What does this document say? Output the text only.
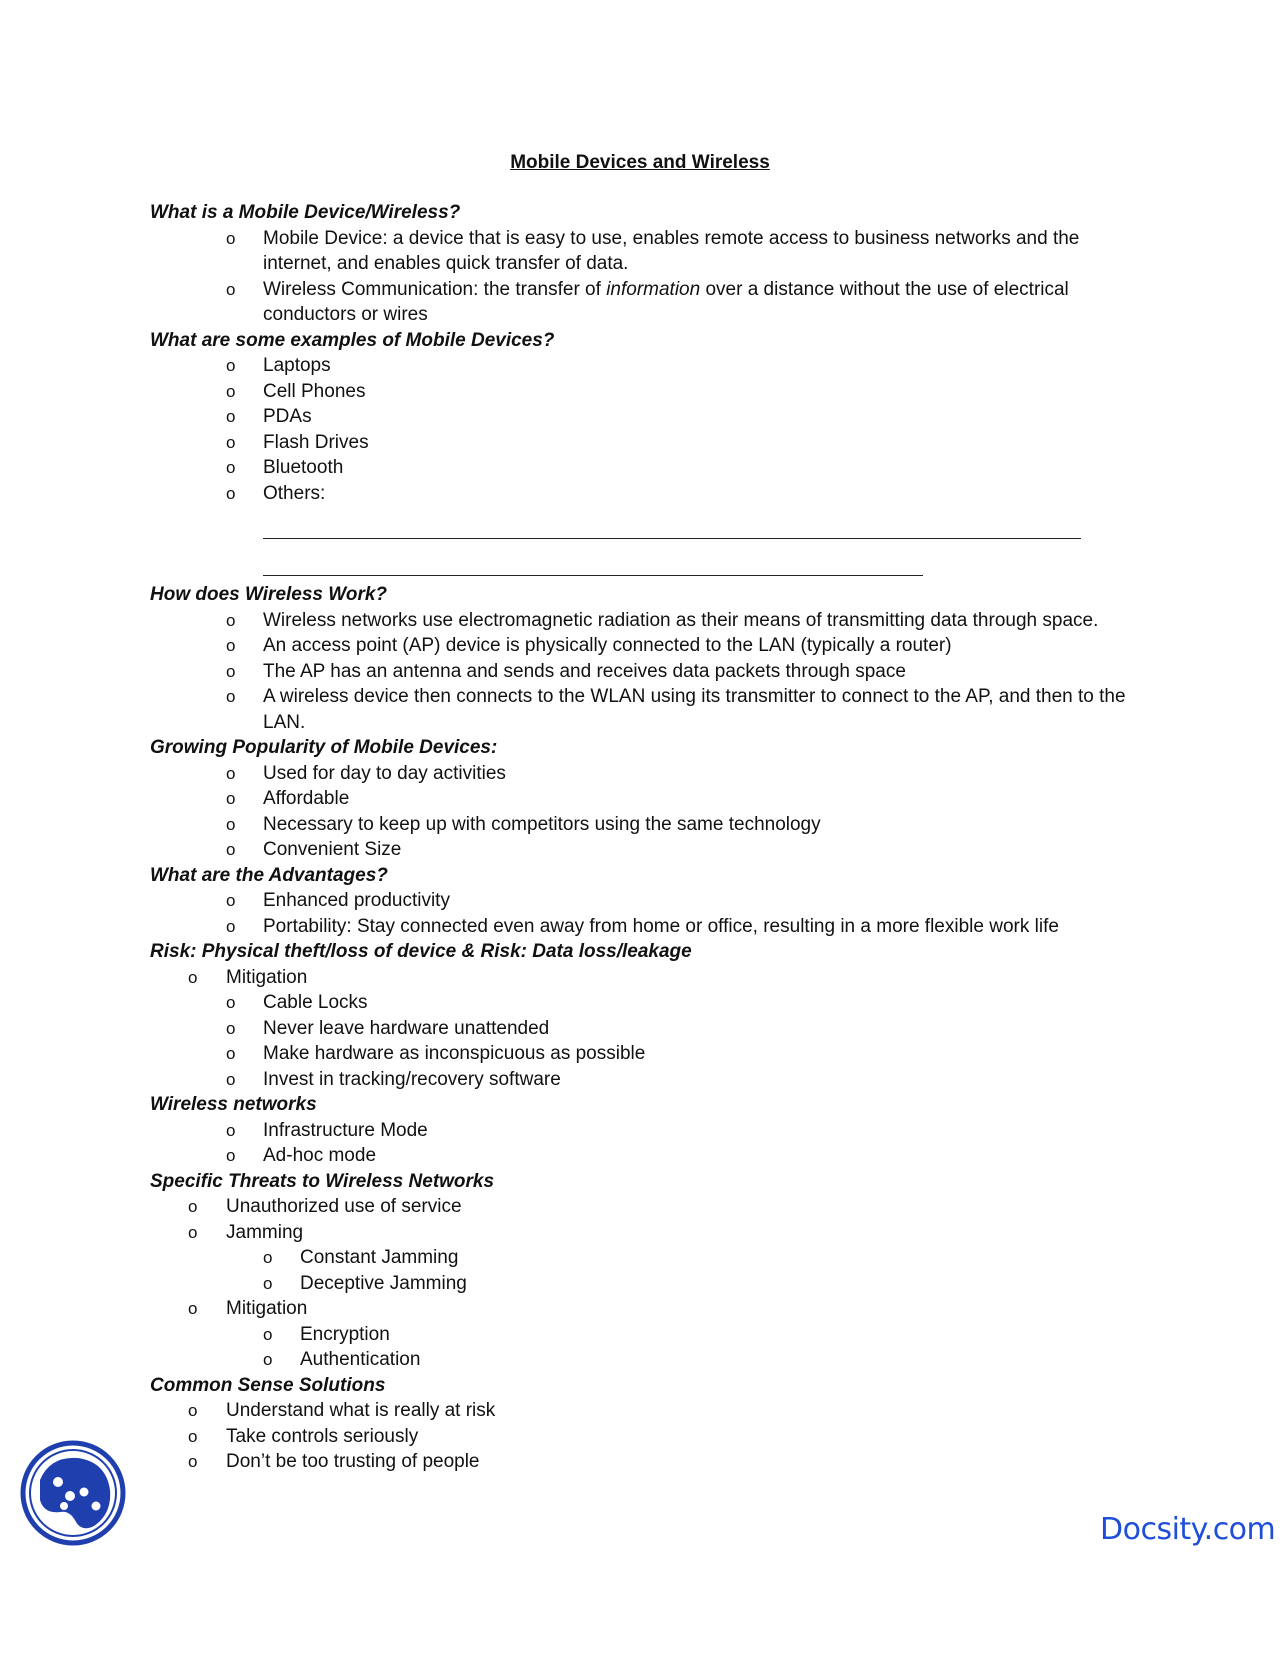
Mobile Devices and Wireless
What is a Mobile Device/Wireless?
o Mobile Device: a device that is easy to use, enables remote access to business networks and the internet, and enables quick transfer of data.
o Wireless Communication: the transfer of information over a distance without the use of electrical conductors or wires
What are some examples of Mobile Devices?
o Laptops
o Cell Phones
o PDAs
o Flash Drives
o Bluetooth
o Others:
How does Wireless Work?
o Wireless networks use electromagnetic radiation as their means of transmitting data through space.
o An access point (AP) device is physically connected to the LAN (typically a router)
o The AP has an antenna and sends and receives data packets through space
o A wireless device then connects to the WLAN using its transmitter to connect to the AP, and then to the LAN.
Growing Popularity of Mobile Devices:
o Used for day to day activities
o Affordable
o Necessary to keep up with competitors using the same technology
o Convenient Size
What are the Advantages?
o Enhanced productivity
o Portability: Stay connected even away from home or office, resulting in a more flexible work life
Risk: Physical theft/loss of device & Risk: Data loss/leakage
o Mitigation
o Cable Locks
o Never leave hardware unattended
o Make hardware as inconspicuous as possible
o Invest in tracking/recovery software
Wireless networks
o Infrastructure Mode
o Ad-hoc mode
Specific Threats to Wireless Networks
o Unauthorized use of service
o Jamming
o Constant Jamming
o Deceptive Jamming
o Mitigation
o Encryption
o Authentication
Common Sense Solutions
o Understand what is really at risk
o Take controls seriously
o Don’t be too trusting of people
Docsity.com
